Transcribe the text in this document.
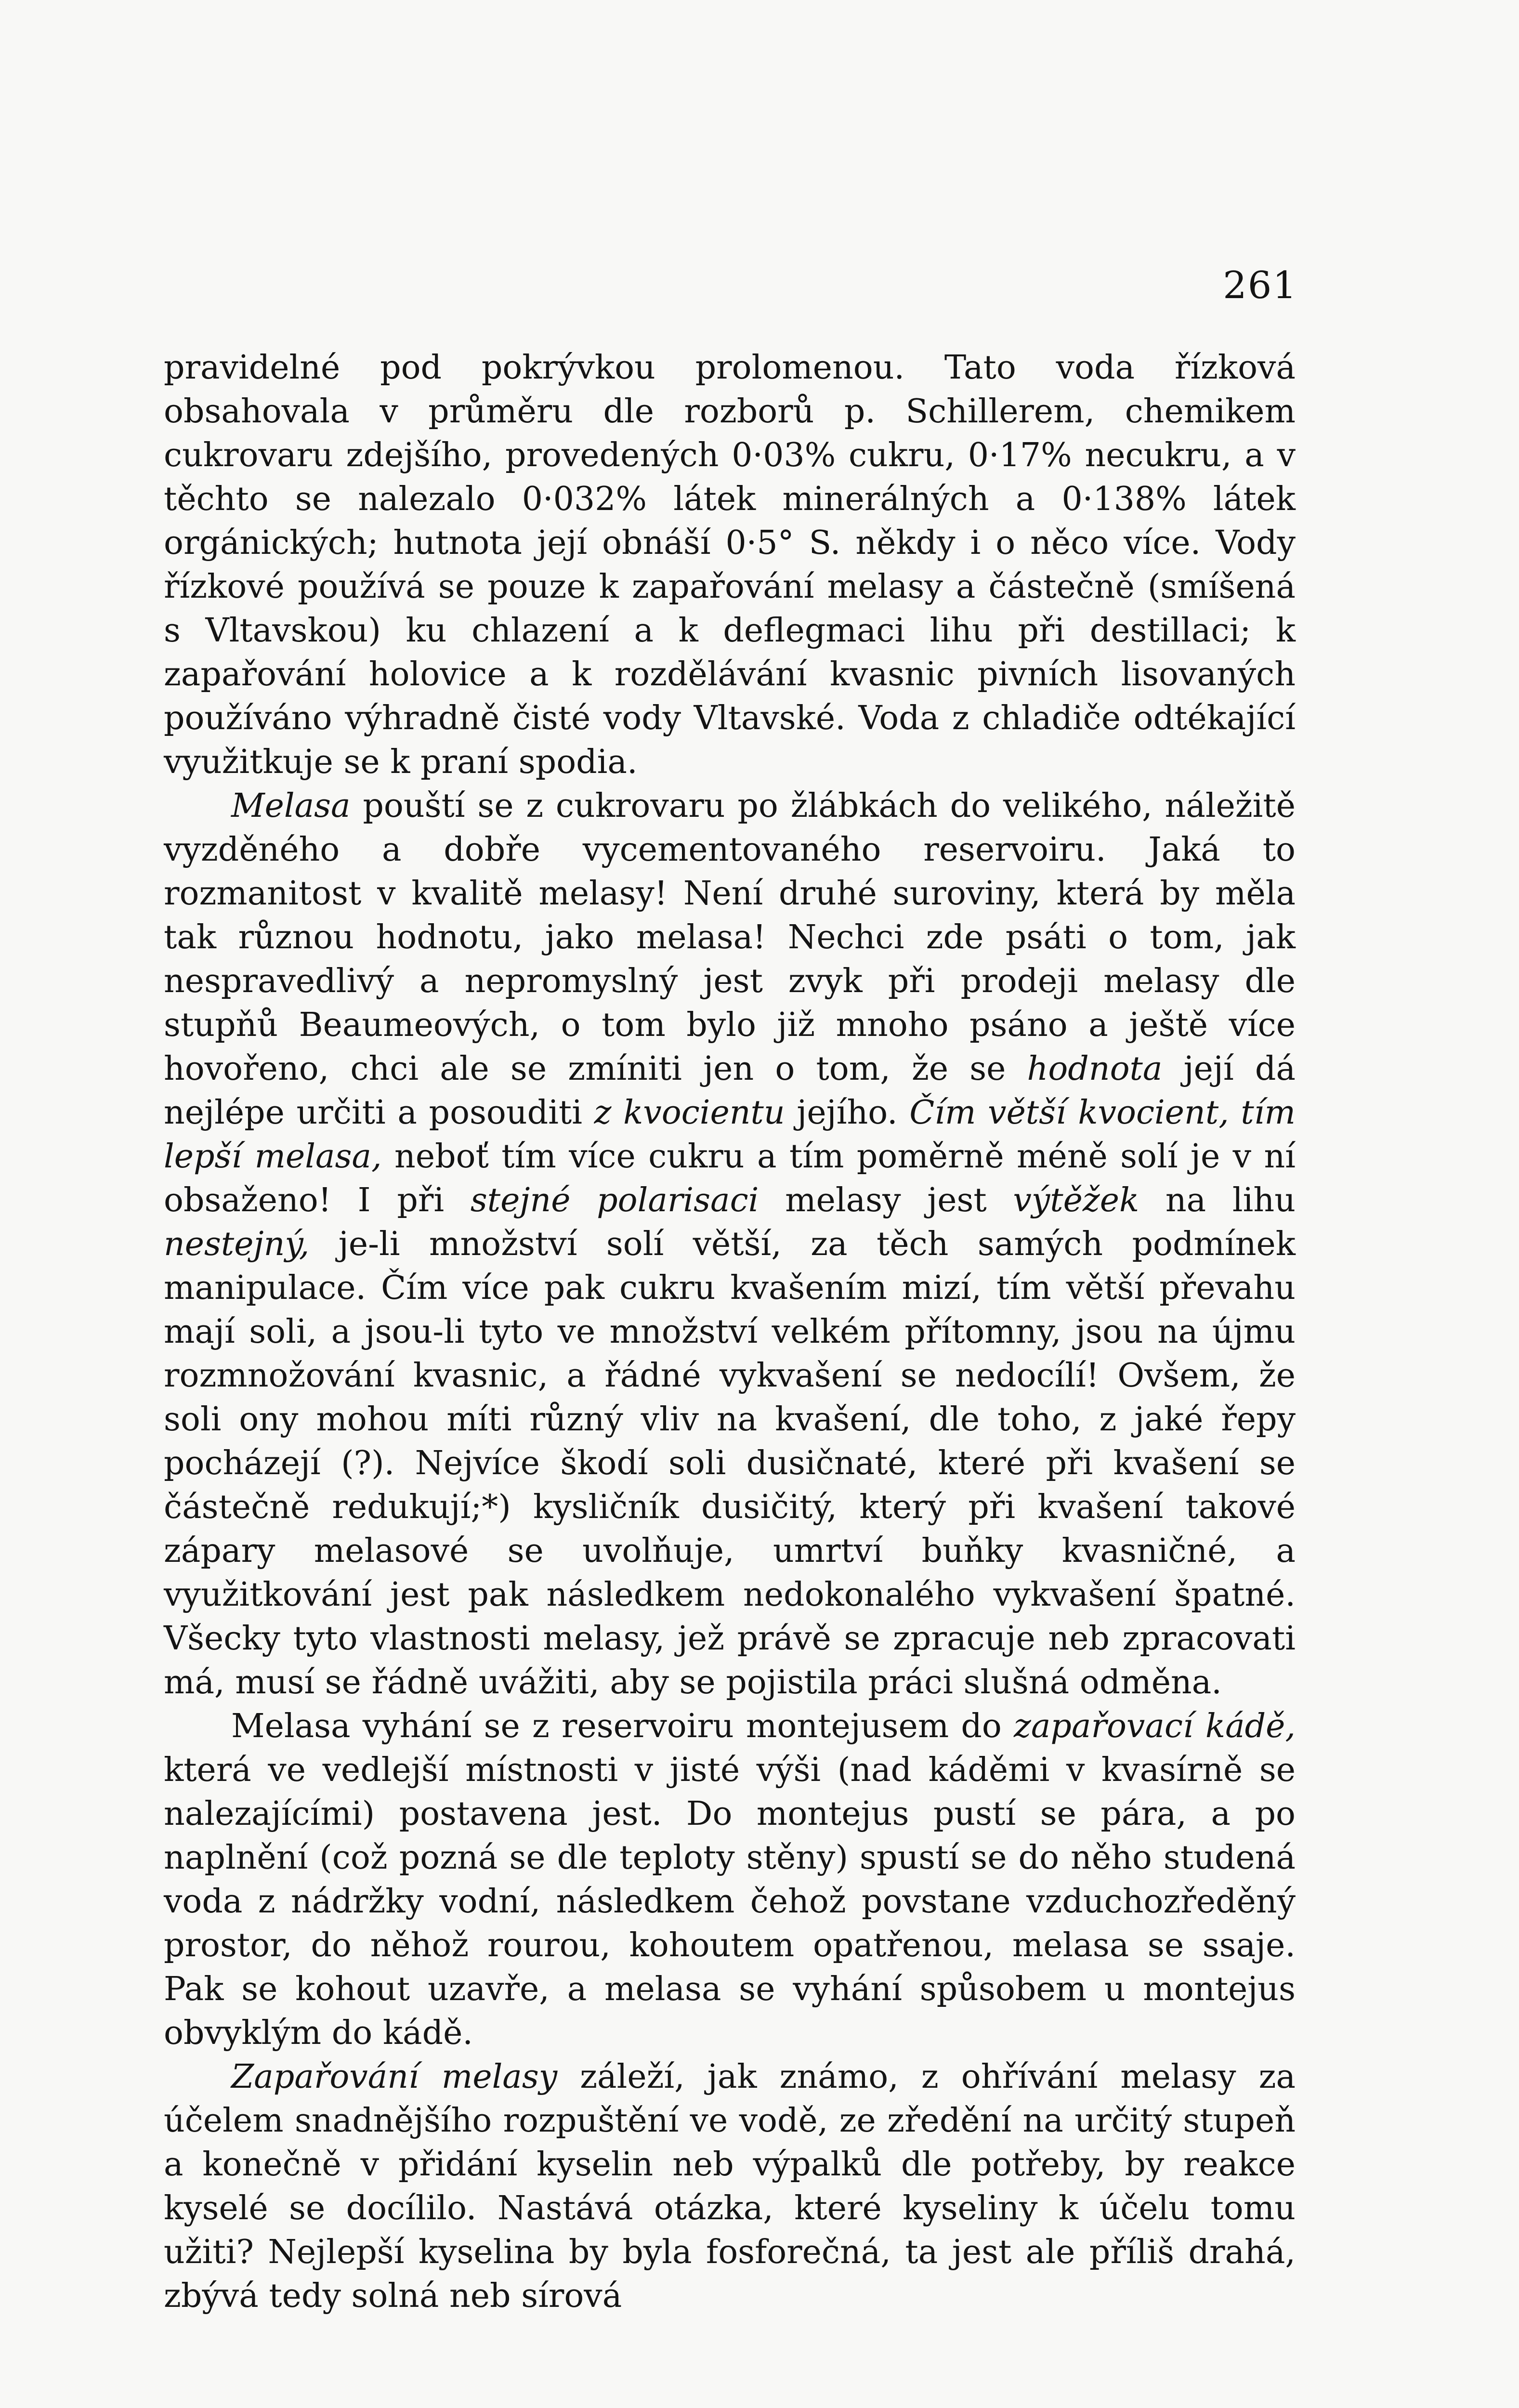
261

pravidelné pod pokrývkou prolomenou. Tato voda řízková obsahovala v průměru dle rozborů p. Schillerem, chemikem cukrovaru zdejšího, provedených 0·03% cukru, 0·17% necukru, a v těchto se nalezalo 0·032% látek minerálných a 0·138% látek orgánických; hutnota její obnáší 0·5° S. někdy i o něco více. Vody řízkové používá se pouze k zapařování melasy a částečně (smíšená s Vltavskou) ku chlazení a k deflegmaci lihu při destillaci; k zapařování holovice a k rozdělávání kvasnic pivních lisovaných používáno výhradně čisté vody Vltavské. Voda z chladiče odtékající využitkuje se k praní spodia.

Melasa pouští se z cukrovaru po žlábkách do velikého, náležitě vyzděného a dobře vycementovaného reservoiru. Jaká to rozmanitost v kvalitě melasy! Není druhé suroviny, která by měla tak různou hodnotu, jako melasa! Nechci zde psáti o tom, jak nespravedlivý a nepromyslný jest zvyk při prodeji melasy dle stupňů Beaumeových, o tom bylo již mnoho psáno a ještě více hovořeno, chci ale se zmíniti jen o tom, že se hodnota její dá nejlépe určiti a posouditi z kvocientu jejího. Čím větší kvocient, tím lepší melasa, neboť tím více cukru a tím poměrně méně solí je v ní obsaženo! I při stejné polarisaci melasy jest výtěžek na lihu nestejný, je-li množství solí větší, za těch samých podmínek manipulace. Čím více pak cukru kvašením mizí, tím větší převahu mají soli, a jsou-li tyto ve množství velkém přítomny, jsou na újmu rozmnožování kvasnic, a řádné vykvašení se nedocílí! Ovšem, že soli ony mohou míti různý vliv na kvašení, dle toho, z jaké řepy pocházejí (?). Nejvíce škodí soli dusičnaté, které při kvašení se částečně redukují;*) kysličník dusičitý, který při kvašení takové zápary melasové se uvolňuje, umrtví buňky kvasničné, a využitkování jest pak následkem nedokonalého vykvašení špatné. Všecky tyto vlastnosti melasy, jež právě se zpracuje neb zpracovati má, musí se řádně uvážiti, aby se pojistila práci slušná odměna.

Melasa vyhání se z reservoiru montejusem do zapařovací kádě, která ve vedlejší místnosti v jisté výši (nad káděmi v kvasírně se nalezajícími) postavena jest. Do montejus pustí se pára, a po naplnění (což pozná se dle teploty stěny) spustí se do něho studená voda z nádržky vodní, následkem čehož povstane vzduchozředěný prostor, do něhož rourou, kohoutem opatřenou, melasa se ssaje. Pak se kohout uzavře, a melasa se vyhání spůsobem u montejus obvyklým do kádě.

Zapařování melasy záleží, jak známo, z ohřívání melasy za účelem snadnějšího rozpuštění ve vodě, ze zředění na určitý stupeň a konečně v přidání kyselin neb výpalků dle potřeby, by reakce kyselé se docílilo. Nastává otázka, které kyseliny k účelu tomu užiti? Nejlepší kyselina by byla fosforečná, ta jest ale příliš drahá, zbývá tedy solná neb sírová
